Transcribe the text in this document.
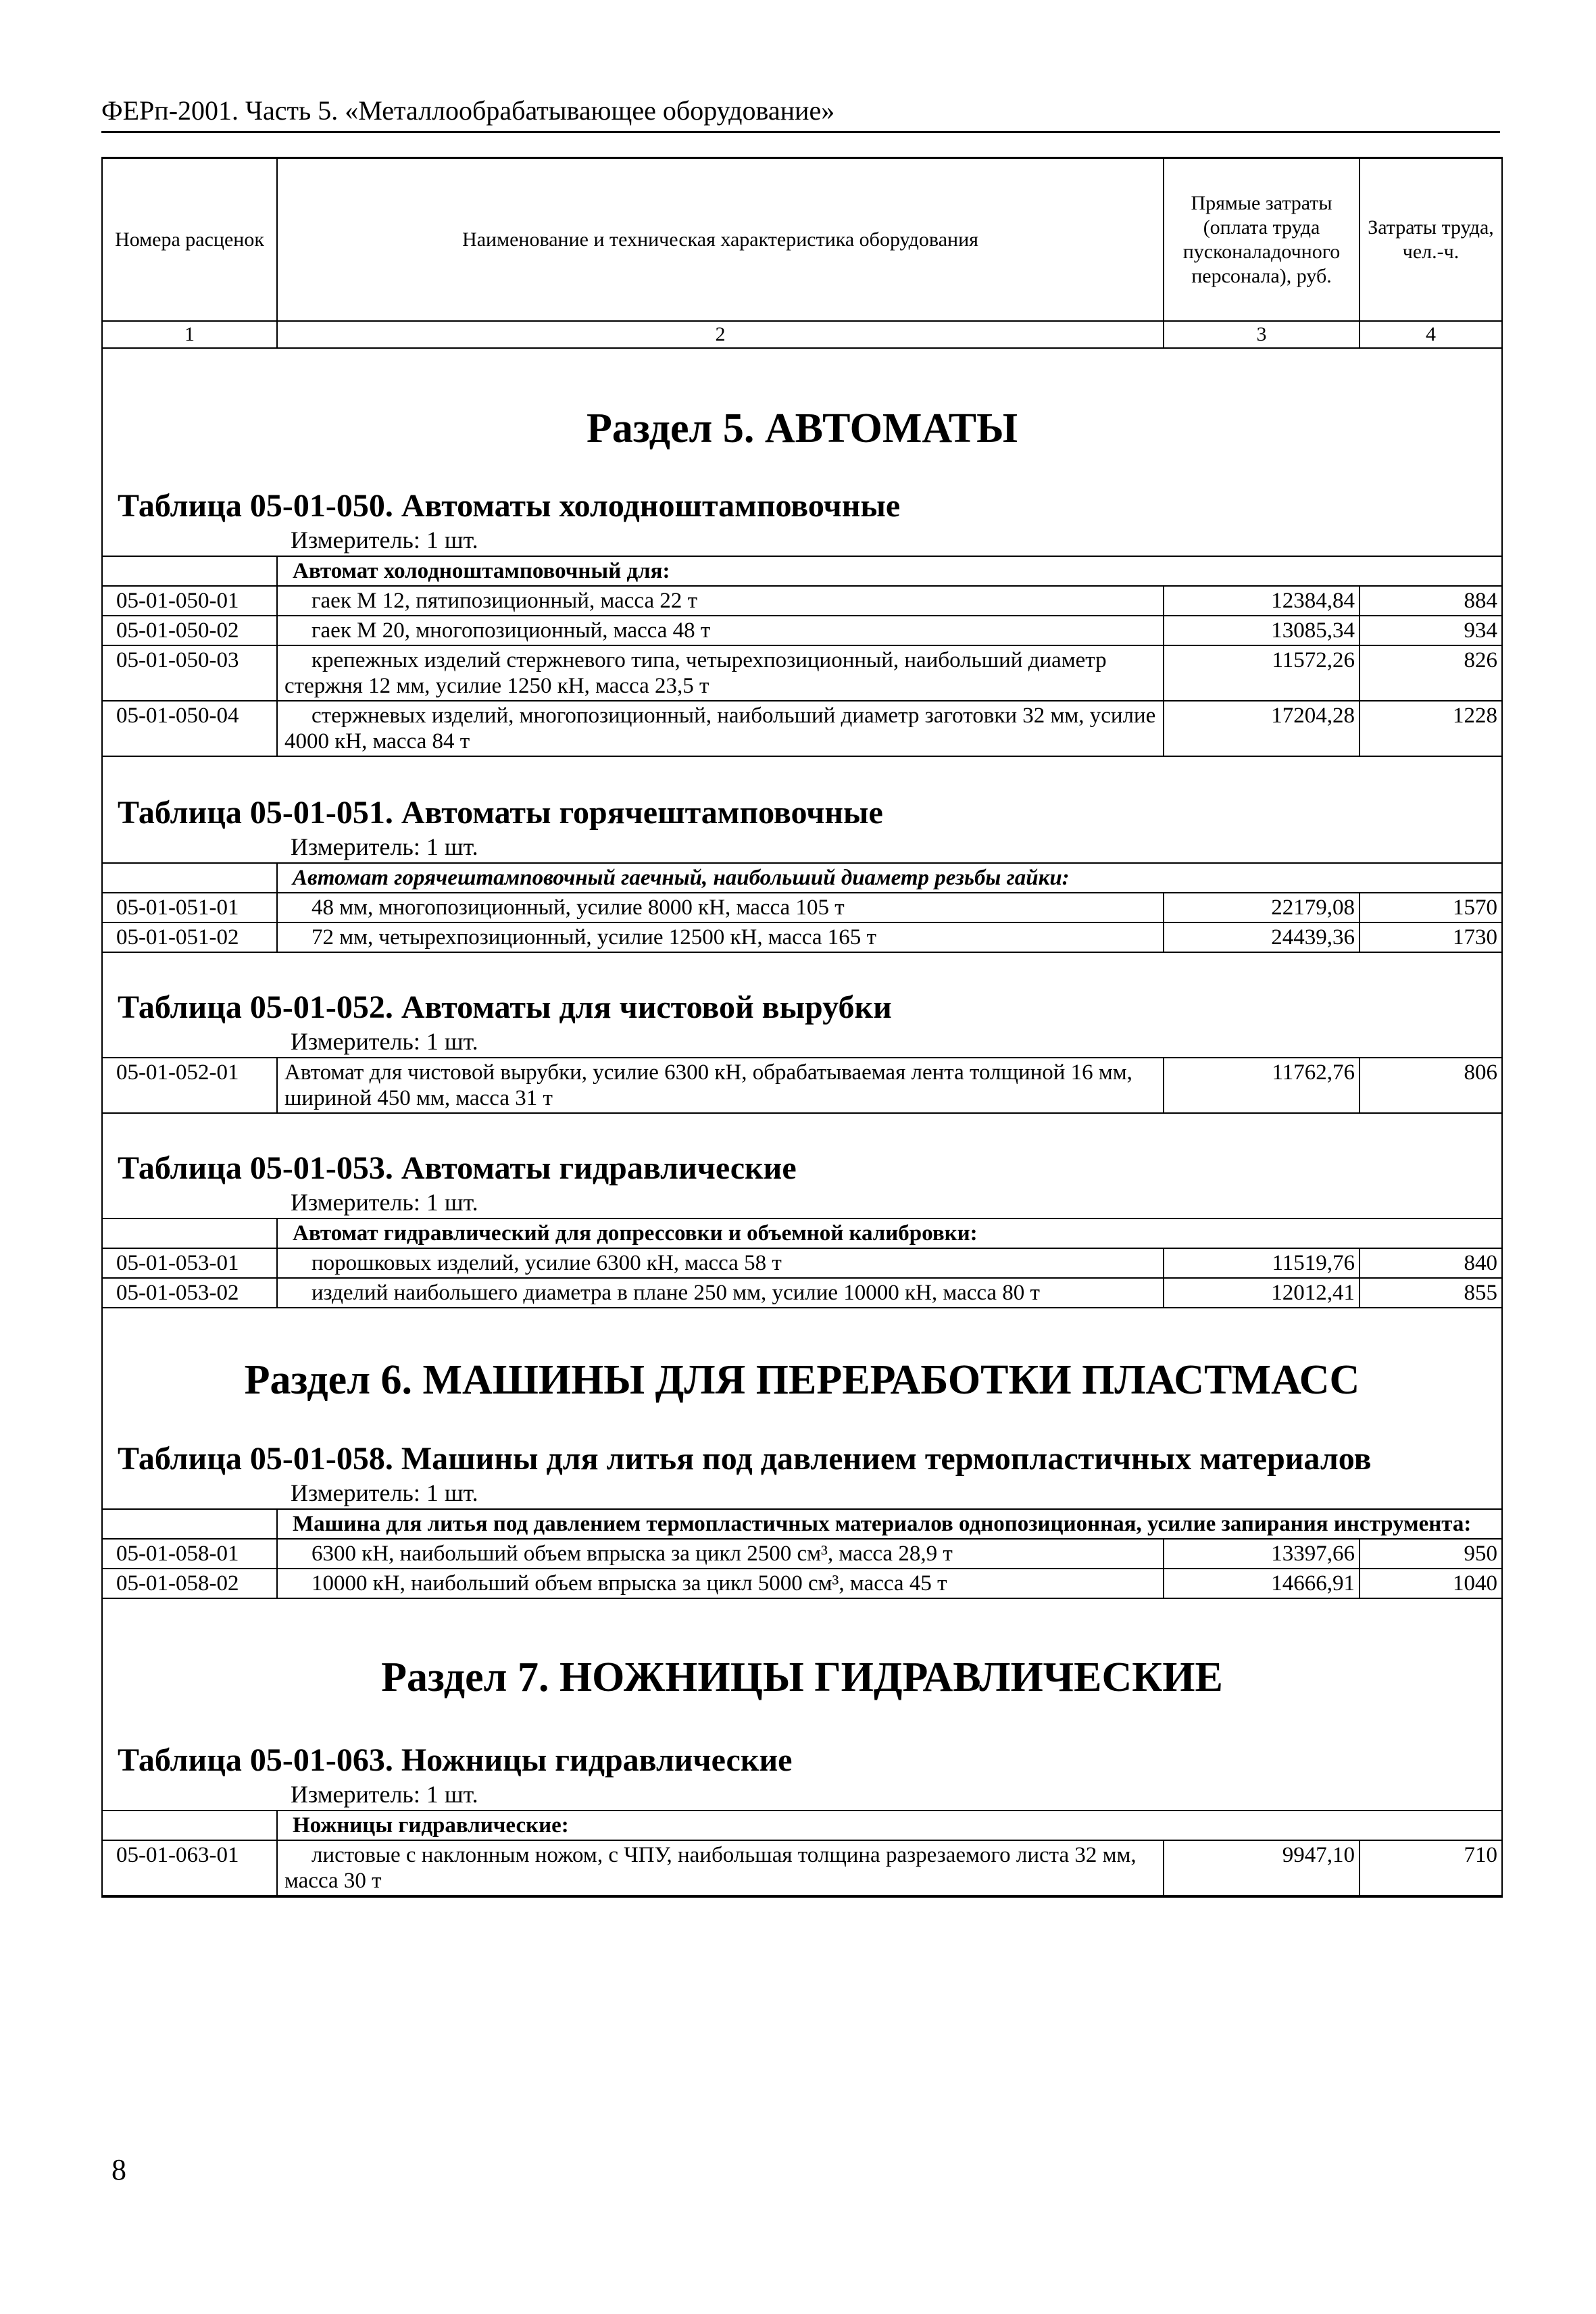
ФЕРп-2001. Часть 5. «Металлообрабатывающее оборудование»
Номера расценок	Наименование и техническая характеристика оборудования	Прямые затраты (оплата труда пусконаладочного персонала), руб.	Затраты труда, чел.-ч.
1	2	3	4
Раздел 5. АВТОМАТЫ
Таблица 05-01-050. Автоматы холодноштамповочные
Измеритель: 1 шт.
	Автомат холодноштамповочный для:		
05-01-050-01	гаек М 12, пятипозиционный, масса 22 т	12384,84	884
05-01-050-02	гаек М 20, многопозиционный, масса 48 т	13085,34	934
05-01-050-03	крепежных изделий стержневого типа, четырехпозиционный, наибольший диаметр стержня 12 мм, усилие 1250 кН, масса 23,5 т	11572,26	826
05-01-050-04	стержневых изделий, многопозиционный, наибольший диаметр заготовки 32 мм, усилие 4000 кН, масса 84 т	17204,28	1228
Таблица 05-01-051. Автоматы горячештамповочные
Измеритель: 1 шт.
	Автомат горячештамповочный гаечный, наибольший диаметр резьбы гайки:		
05-01-051-01	48 мм, многопозиционный, усилие 8000 кН, масса 105 т	22179,08	1570
05-01-051-02	72 мм, четырехпозиционный, усилие 12500 кН, масса 165 т	24439,36	1730
Таблица 05-01-052. Автоматы для чистовой вырубки
Измеритель: 1 шт.
05-01-052-01	Автомат для чистовой вырубки, усилие 6300 кН, обрабатываемая лента толщиной 16 мм, шириной 450 мм, масса 31 т	11762,76	806
Таблица 05-01-053. Автоматы гидравлические
Измеритель: 1 шт.
	Автомат гидравлический для допрессовки и объемной калибровки:		
05-01-053-01	порошковых изделий, усилие 6300 кН, масса 58 т	11519,76	840
05-01-053-02	изделий наибольшего диаметра в плане 250 мм, усилие 10000 кН, масса 80 т	12012,41	855
Раздел 6. МАШИНЫ ДЛЯ ПЕРЕРАБОТКИ ПЛАСТМАСС
Таблица 05-01-058. Машины для литья под давлением термопластичных материалов
Измеритель: 1 шт.
	Машина для литья под давлением термопластичных материалов однопозиционная, усилие запирания инструмента:		
05-01-058-01	6300 кН, наибольший объем впрыска за цикл 2500 см³, масса 28,9 т	13397,66	950
05-01-058-02	10000 кН, наибольший объем впрыска за цикл 5000 см³, масса 45 т	14666,91	1040
Раздел 7. НОЖНИЦЫ ГИДРАВЛИЧЕСКИЕ
Таблица 05-01-063. Ножницы гидравлические
Измеритель: 1 шт.
	Ножницы гидравлические:		
05-01-063-01	листовые с наклонным ножом, с ЧПУ, наибольшая толщина разрезаемого листа 32 мм, масса 30 т	9947,10	710
8
